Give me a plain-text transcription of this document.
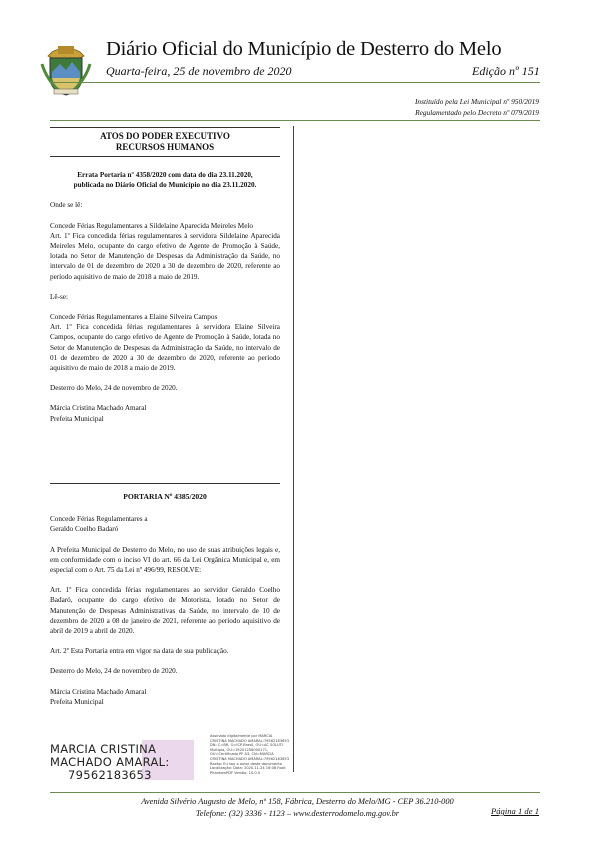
Diário Oficial do Município de Desterro do Melo
Quarta-feira, 25 de novembro de 2020	Edição nº 151
Instituído pela Lei Municipal nº 950/2019
Regulamentado pelo Decreto nº 079/2019
ATOS DO PODER EXECUTIVO
RECURSOS HUMANOS

Errata Portaria nº 4358/2020 com data do dia 23.11.2020, publicada no Diário Oficial do Município no dia 23.11.2020.

Onde se lê:

Concede Férias Regulamentares a Sildelaine Aparecida Meireles Melo

Art. 1º Fica concedida férias regulamentares à servidora Sildelaine Aparecida Meireles Melo, ocupante do cargo efetivo de Agente de Promoção à Saúde, lotada no Setor de Manutenção de Despesas da Administração da Saúde, no intervalo de 01 de dezembro de 2020 a 30 de dezembro de 2020, referente ao período aquisitivo de maio de 2018 a maio de 2019.

Lê-se:

Concede Férias Regulamentares a Elaine Silveira Campos

Art. 1º Fica concedida férias regulamentares à servidora Elaine Silveira Campos, ocupante do cargo efetivo de Agente de Promoção à Saúde, lotada no Setor de Manutenção de Despesas da Administração da Saúde, no intervalo de 01 de dezembro de 2020 a 30 de dezembro de 2020, referente ao período aquisitivo de maio de 2018 a maio de 2019.

Desterro do Melo, 24 de novembro de 2020.

Márcia Cristina Machado Amaral

Prefeita Municipal

PORTARIA Nº 4385/2020

Concede Férias Regulamentares a

Geraldo Coelho Badaró

A Prefeita Municipal de Desterro do Melo, no uso de suas atribuições legais e, em conformidade com o inciso VI do art. 66 da Lei Orgânica Municipal e, em especial com o Art. 75 da Lei nº 496/99, RESOLVE:

Art. 1º Fica concedida férias regulamentares ao servidor Geraldo Coelho Badaró, ocupante do cargo efetivo de Motorista, lotado no Setor de Manutenção de Despesas Administrativas da Saúde, no intervalo de 10 de dezembro de 2020 a 08 de janeiro de 2021, referente ao período aquisitivo de abril de 2019 a abril de 2020.

Art. 2º Esta Portaria entra em vigor na data de sua publicação.

Desterro do Melo, 24 de novembro de 2020.

Márcia Cristina Machado Amaral

Prefeita Municipal

MARCIA CRISTINA
MACHADO AMARAL:
79562183653
Assinado digitalmente por MARCIA CRISTINA MACHADO AMARAL:79562183653 DN: C=BR, O=ICP-Brasil, OU=AC SOLUTI Multipla, OU=19201256000171, OU=Certificado PF A3, CN=MARCIA CRISTINA MACHADO AMARAL:79562183653 Razão: Eu sou o autor deste documento Localização: Data: 2020.11.24 16:08 Foxit PhantomPDF Versão: 10.0.0
Avenida Silvério Augusto de Melo, nº 158, Fábrica, Desterro do Melo/MG - CEP 36.210-000
Telefone: (32) 3336 - 1123 – www.desterrodomelo.mg.gov.br	Página 1 de 1
